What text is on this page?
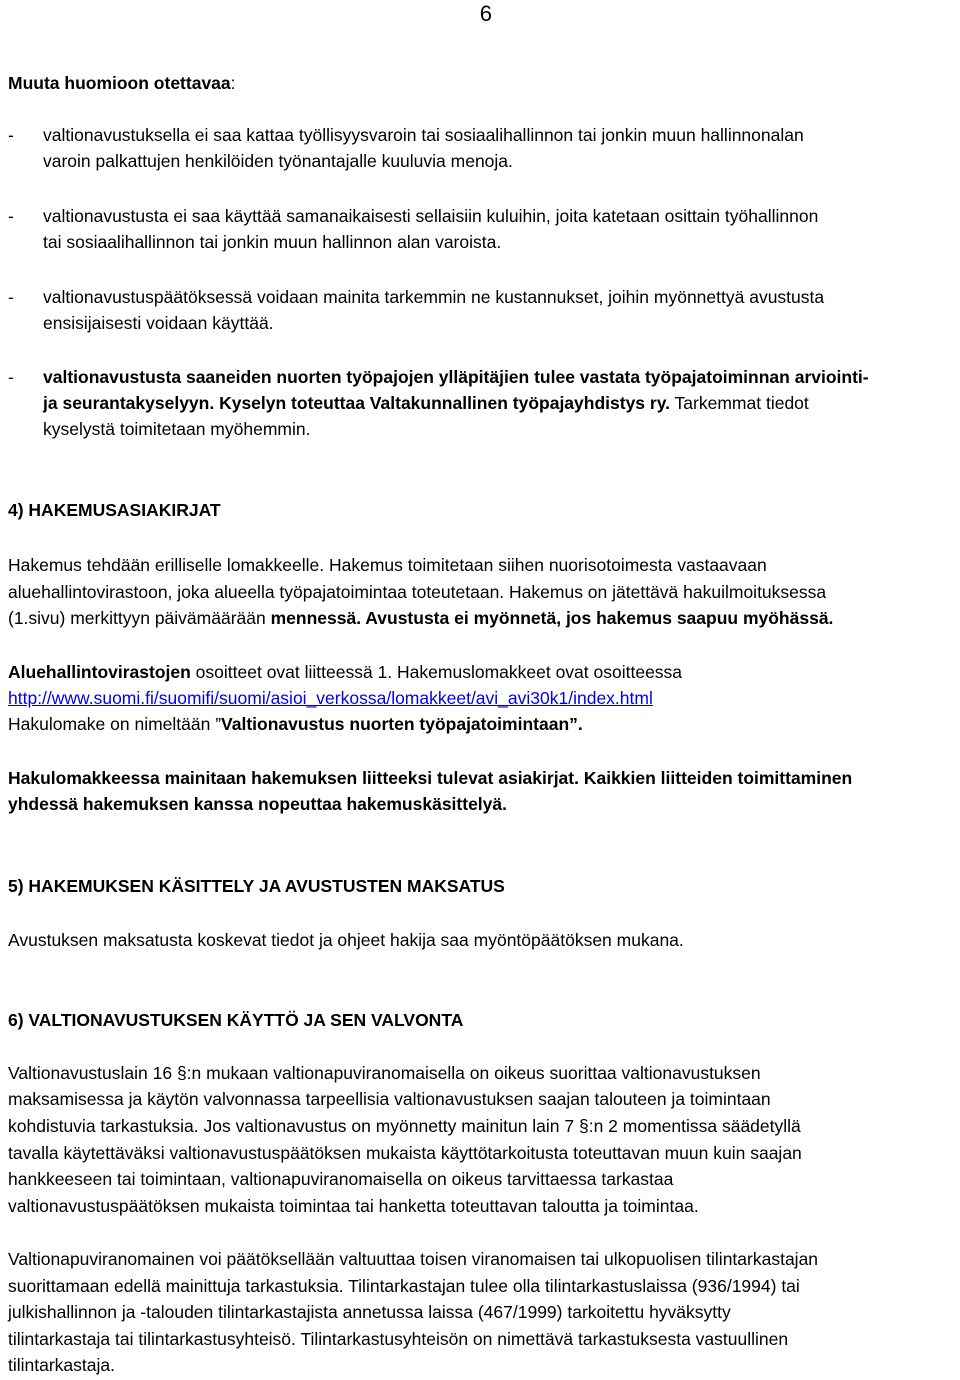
6
Muuta huomioon otettavaa:
- valtionavustuksella ei saa kattaa työllisyysvaroin tai sosiaalihallinnon tai jonkin muun hallinnonalan
varoin palkattujen henkilöiden työnantajalle kuuluvia menoja.
- valtionavustusta ei saa käyttää samanaikaisesti sellaisiin kuluihin, joita katetaan osittain työhallinnon
tai sosiaalihallinnon tai jonkin muun hallinnon alan varoista.
- valtionavustuspäätöksessä voidaan mainita tarkemmin ne kustannukset, joihin myönnettyä avustusta
ensisijaisesti voidaan käyttää.
- valtionavustusta saaneiden nuorten työpajojen ylläpitäjien tulee vastata työpajatoiminnan arviointi-
ja seurantakyselyyn. Kyselyn toteuttaa Valtakunnallinen työpajayhdistys ry. Tarkemmat tiedot
kyselystä toimitetaan myöhemmin.
4) HAKEMUSASIAKIRJAT
Hakemus tehdään erilliselle lomakkeelle. Hakemus toimitetaan siihen nuorisotoimesta vastaavaan
aluehallintovirastoon, joka alueella työpajatoimintaa toteutetaan. Hakemus on jätettävä hakuilmoituksessa
(1.sivu) merkittyyn päivämäärään mennessä. Avustusta ei myönnetä, jos hakemus saapuu myöhässä.
Aluehallintovirastojen osoitteet ovat liitteessä 1. Hakemuslomakkeet ovat osoitteessa
http://www.suomi.fi/suomifi/suomi/asioi_verkossa/lomakkeet/avi_avi30k1/index.html
Hakulomake on nimeltään ”Valtionavustus nuorten työpajatoimintaan”.
Hakulomakkeessa mainitaan hakemuksen liitteeksi tulevat asiakirjat. Kaikkien liitteiden toimittaminen
yhdessä hakemuksen kanssa nopeuttaa hakemuskäsittelyä.
5) HAKEMUKSEN KÄSITTELY JA AVUSTUSTEN MAKSATUS
Avustuksen maksatusta koskevat tiedot ja ohjeet hakija saa myöntöpäätöksen mukana.
6) VALTIONAVUSTUKSEN KÄYTTÖ JA SEN VALVONTA
Valtionavustuslain 16 §:n mukaan valtionapuviranomaisella on oikeus suorittaa valtionavustuksen
maksamisessa ja käytön valvonnassa tarpeellisia valtionavustuksen saajan talouteen ja toimintaan
kohdistuvia tarkastuksia. Jos valtionavustus on myönnetty mainitun lain 7 §:n 2 momentissa säädetyllä
tavalla käytettäväksi valtionavustuspäätöksen mukaista käyttötarkoitusta toteuttavan muun kuin saajan
hankkeeseen tai toimintaan, valtionapuviranomaisella on oikeus tarvittaessa tarkastaa
valtionavustuspäätöksen mukaista toimintaa tai hanketta toteuttavan taloutta ja toimintaa.
Valtionapuviranomainen voi päätöksellään valtuuttaa toisen viranomaisen tai ulkopuolisen tilintarkastajan
suorittamaan edellä mainittuja tarkastuksia. Tilintarkastajan tulee olla tilintarkastuslaissa (936/1994) tai
julkishallinnon ja -talouden tilintarkastajista annetussa laissa (467/1999) tarkoitettu hyväksytty
tilintarkastaja tai tilintarkastusyhteisö. Tilintarkastusyhteisön on nimettävä tarkastuksesta vastuullinen
tilintarkastaja.
